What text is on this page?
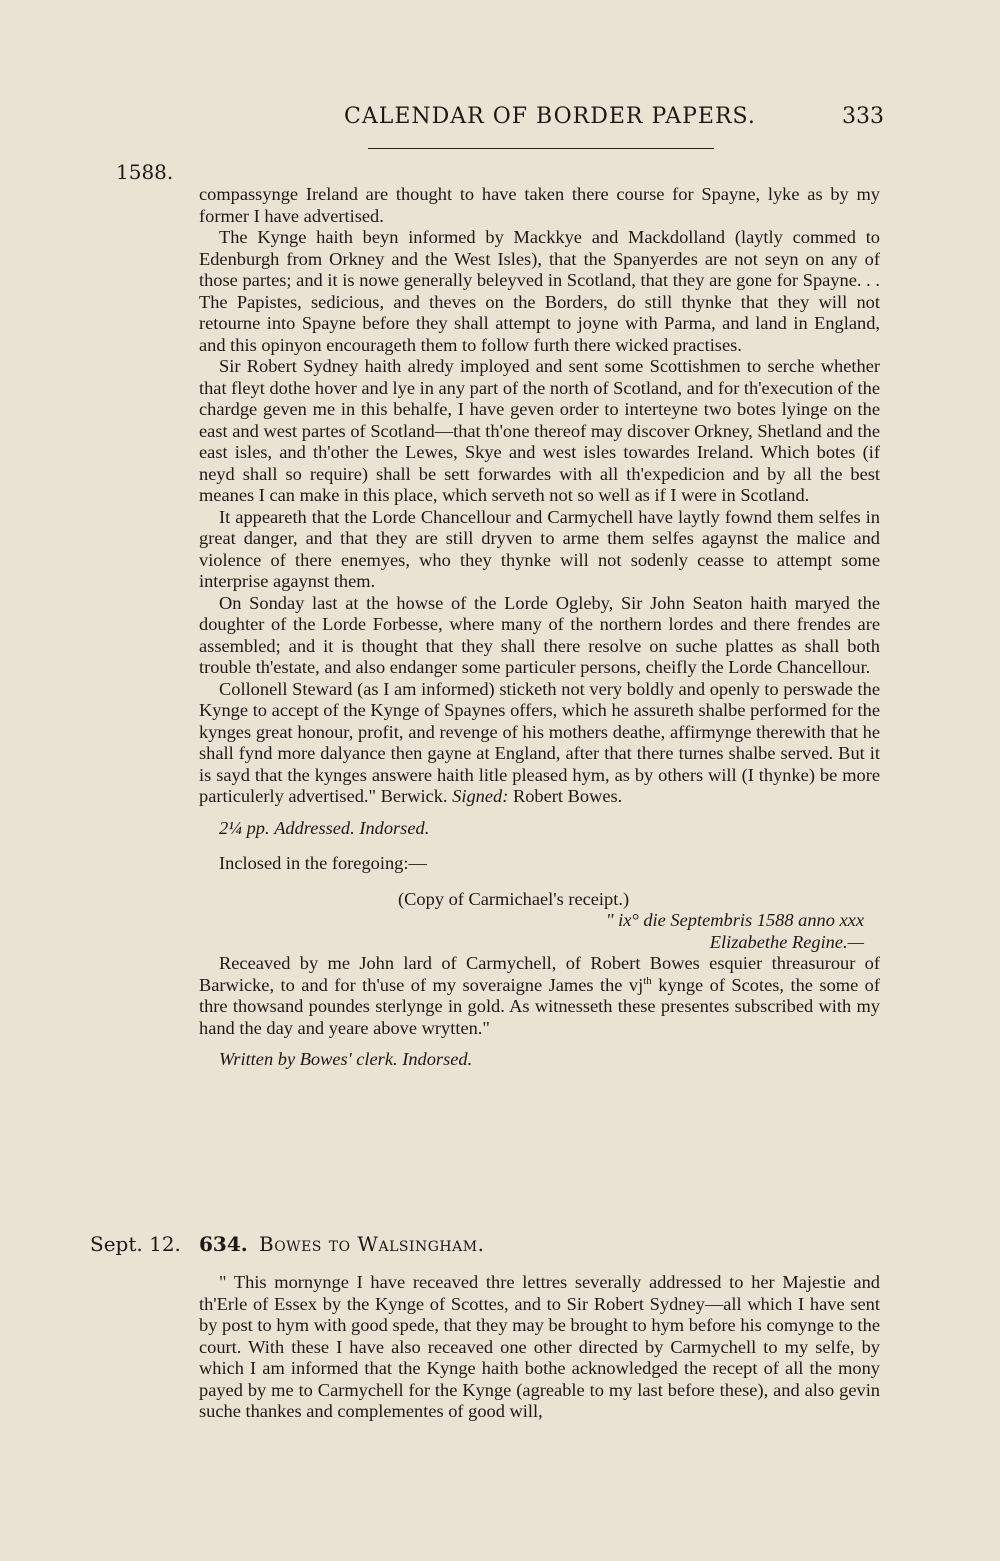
CALENDAR OF BORDER PAPERS.	333
1588.

compassynge Ireland are thought to have taken there course for Spayne, lyke as by my former I have advertised.

The Kynge haith beyn informed by Mackkye and Mackdolland (laytly commed to Edenburgh from Orkney and the West Isles), that the Spanyerdes are not seyn on any of those partes; and it is nowe generally beleyved in Scotland, that they are gone for Spayne. . . The Papistes, sedicious, and theves on the Borders, do still thynke that they will not retourne into Spayne before they shall attempt to joyne with Parma, and land in England, and this opinyon encourageth them to follow furth there wicked practises.

Sir Robert Sydney haith alredy imployed and sent some Scottishmen to serche whether that fleyt dothe hover and lye in any part of the north of Scotland, and for th'execution of the chardge geven me in this behalfe, I have geven order to interteyne two botes lyinge on the east and west partes of Scotland—that th'one thereof may discover Orkney, Shetland and the east isles, and th'other the Lewes, Skye and west isles towardes Ireland. Which botes (if neyd shall so require) shall be sett forwardes with all th'expedicion and by all the best meanes I can make in this place, which serveth not so well as if I were in Scotland.

It appeareth that the Lorde Chancellour and Carmychell have laytly fownd them selfes in great danger, and that they are still dryven to arme them selfes agaynst the malice and violence of there enemyes, who they thynke will not sodenly ceasse to attempt some interprise agaynst them.

On Sonday last at the howse of the Lorde Ogleby, Sir John Seaton haith maryed the doughter of the Lorde Forbesse, where many of the northern lordes and there frendes are assembled; and it is thought that they shall there resolve on suche plattes as shall both trouble th'estate, and also endanger some particuler persons, cheifly the Lorde Chancellour.

Collonell Steward (as I am informed) sticketh not very boldly and openly to perswade the Kynge to accept of the Kynge of Spaynes offers, which he assureth shalbe performed for the kynges great honour, profit, and revenge of his mothers deathe, affirmynge therewith that he shall fynd more dalyance then gayne at England, after that there turnes shalbe served. But it is sayd that the kynges answere haith litle pleased hym, as by others will (I thynke) be more particulerly advertised." Berwick. Signed: Robert Bowes.

2¼ pp. Addressed. Indorsed.

Inclosed in the foregoing:—

(Copy of Carmichael's receipt.)

" ix° die Septembris 1588 anno xxx

Elizabethe Regine.—

Receaved by me John lard of Carmychell, of Robert Bowes esquier threasurour of Barwicke, to and for th'use of my soveraigne James the $vj^{th}$ kynge of Scotes, the some of thre thowsand poundes sterlynge in gold. As witnesseth these presentes subscribed with my hand the day and yeare above wrytten."

Written by Bowes' clerk. Indorsed.

Sept. 12. 634. Bowes to Walsingham.

" This mornynge I have receaved thre lettres severally addressed to her Majestie and th'Erle of Essex by the Kynge of Scottes, and to Sir Robert Sydney—all which I have sent by post to hym with good spede, that they may be brought to hym before his comynge to the court. With these I have also receaved one other directed by Carmychell to my selfe, by which I am informed that the Kynge haith bothe acknowledged the recept of all the mony payed by me to Carmychell for the Kynge (agreable to my last before these), and also gevin suche thankes and complementes of good will,
